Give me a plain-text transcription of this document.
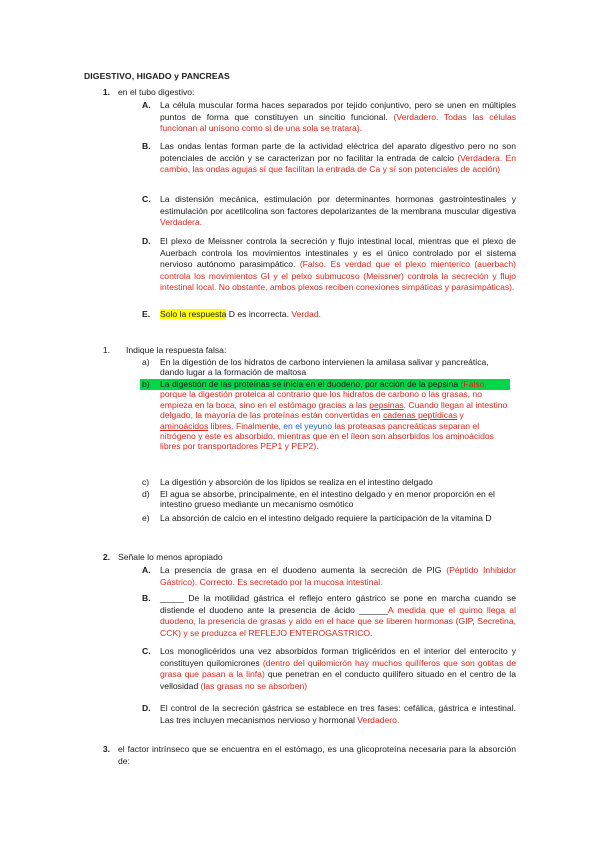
DIGESTIVO, HIGADO y PANCREAS
1. en el tubo digestivo:
A. La célula muscular forma haces separados por tejido conjuntivo, pero se unen en múltiples puntos de forma que constituyen un sincitio funcional. (Verdadero. Todas las células funcionan al unísono como si de una sola se tratara).
B. Las ondas lentas forman parte de la actividad eléctrica del aparato digestivo pero no son potenciales de acción y se caracterizan por no facilitar la entrada de calcio (Verdadera. En cambio, las ondas agujas sí que facilitan la entrada de Ca y sí son potenciales de acción)
C. La distensión mecánica, estimulación por determinantes hormonas gastrointestinales y estimulación por acetilcolina son factores depolarizantes de la membrana muscular digestiva Verdadera.
D. El plexo de Meissner controla la secreción y flujo intestinal local, mientras que el plexo de Auerbach controla los movimientos intestinales y es el único controlado por el sistema nervioso autónomo parasimpático. (Falso. Es verdad que el plexo mienterico (auerbach) controla los movimientos GI y el pelxo submucoso (Meissner) controla la secreción y flujo intestinal local. No obstante, ambos plexos reciben conexiones simpáticas y parasimpáticas).
E. Solo la respuesta D es incorrecta. Verdad.
1. Indique la respuesta falsa:
a) En la digestión de los hidratos de carbono intervienen la amilasa salivar y pancreática, dando lugar a la formación de maltosa
b) La digestión de las proteínas se inicia en el duodeno, por acción de la pepsina (Falso, porque la digestión proteica al contrario que los hidratos de carbono o las grasas, no empieza en la boca, sino en el estómago gracias a las pepsinas. Cuando llegan al intestino delgado, la mayoría de las proteínas están convertidas en cadenas peptídicas y aminoácidos libres. Finalmente, en el yeyuno las proteasas pancreáticas separan el nitrógeno y este es absorbido, mientras que en el íleon son absorbidos los aminoácidos libres por transportadores PEP1 y PEP2).
c) La digestión y absorción de los lípidos se realiza en el intestino delgado
d) El agua se absorbe, principalmente, en el intestino delgado y en menor proporción en el intestino grueso mediante un mecanismo osmótico
e) La absorción de calcio en el intestino delgado requiere la participación de la vitamina D
2. Señale lo menos apropiado
A. La presencia de grasa en el duodeno aumenta la secreción de PIG (Péptido Inhibidor Gástrico). Correcto. Es secretado por la mucosa intestinal.
B. _____ De la motilidad gástrica el reflejo entero gástrico se pone en marcha cuando se distiende el duodeno ante la presencia de ácido ______A medida que el quimo llega al duodeno, la presencia de grasas y aido en el hace que se liberen hormonas (GIP, Secretina, CCK) y se produzca el REFLEJO ENTEROGASTRICO.
C. Los monoglicéridos una vez absorbidos forman triglicéridos en el interior del enterocito y constituyen quilomicrones (dentro del quilomicrón hay muchos quilíferos que son gotitas de grasa que pasan a la linfa) que penetran en el conducto quilífero situado en el centro de la vellosidad (las grasas no se absorben)
D. El control de la secreción gástrica se establece en tres fases: cefálica, gástrica e intestinal. Las tres incluyen mecanismos nervioso y hormonal Verdadero.
3. el factor intrínseco que se encuentra en el estómago, es una glicoproteína necesaria para la absorción de:
